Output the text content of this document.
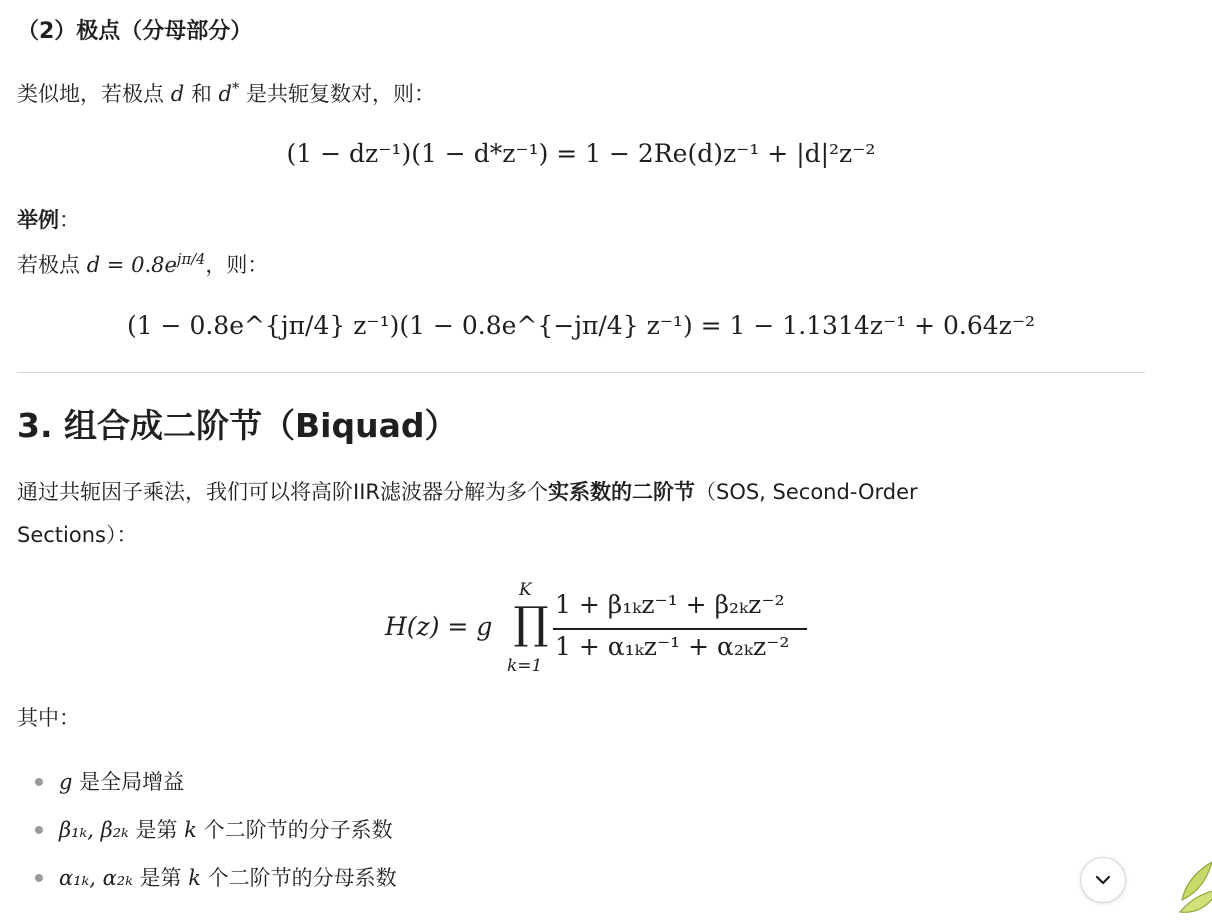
（2）极点（分母部分）
类似地，若极点 d 和 d* 是共轭复数对，则：
(1 − dz⁻¹)(1 − d*z⁻¹) = 1 − 2Re(d)z⁻¹ + |d|²z⁻²
举例：
若极点 $d = 0.8e^{j\pi/4}$，则：
(1 − 0.8e^{jπ/4} z⁻¹)(1 − 0.8e^{−jπ/4} z⁻¹) = 1 − 1.1314z⁻¹ + 0.64z⁻²
3. 组合成二阶节（Biquad）
通过共轭因子乘法，我们可以将高阶IIR滤波器分解为多个实系数的二阶节（SOS, Second-Order
Sections）：
H(z) = g
K
∏
k=1
1 + β₁ₖz⁻¹ + β₂ₖz⁻²
1 + α₁ₖz⁻¹ + α₂ₖz⁻²
其中：
g 是全局增益
β₁ₖ, β₂ₖ 是第 k 个二阶节的分子系数
α₁ₖ, α₂ₖ 是第 k 个二阶节的分母系数
